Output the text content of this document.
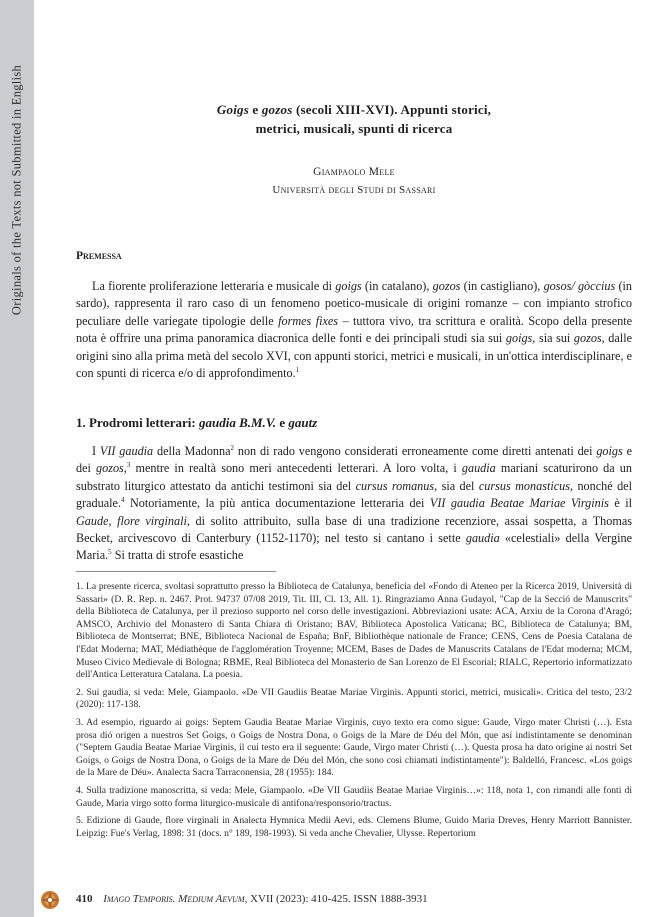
Originals of the Texts not Submitted in English	Goigs e gozos (secoli XIII-XVI). Appunti storici,
metrici, musicali, spunti di ricerca
Giampaolo Mele
Università degli Studi di Sassari
Premessa
La fiorente proliferazione letteraria e musicale di goigs (in catalano), gozos (in castigliano), gosos/ gòccius (in sardo), rappresenta il raro caso di un fenomeno poetico-musicale di origini romanze – con impianto strofico peculiare delle variegate tipologie delle formes fixes – tuttora vivo, tra scrittura e oralità. Scopo della presente nota è offrire una prima panoramica diacronica delle fonti e dei principali studi sia sui goigs, sia sui gozos, dalle origini sino alla prima metà del secolo XVI, con appunti storici, metrici e musicali, in un'ottica interdisciplinare, e con spunti di ricerca e/o di approfondimento.$^1$
1. Prodromi letterari: gaudia B.M.V. e gautz
I VII gaudia della Madonna$^2$ non di rado vengono considerati erroneamente come diretti antenati dei goigs e dei gozos,$^3$ mentre in realtà sono meri antecedenti letterari. A loro volta, i gaudia mariani scaturirono da un substrato liturgico attestato da antichi testimoni sia del cursus romanus, sia del cursus monasticus, nonché del graduale.$^4$ Notoriamente, la più antica documentazione letteraria dei VII gaudia Beatae Mariae Virginis è il Gaude, flore virginali, di solito attribuito, sulla base di una tradizione recenziore, assai sospetta, a Thomas Becket, arcivescovo di Canterbury (1152-1170); nel testo si cantano i sette gaudia «celestiali» della Vergine Maria.$^5$ Si tratta di strofe esastiche

1. La presente ricerca, svoltasi soprattutto presso la Biblioteca de Catalunya, beneficia del «Fondo di Ateneo per la Ricerca 2019, Università di Sassari» (D. R. Rep. n. 2467. Prot. 94737 07/08 2019, Tit. III, Cl. 13, All. 1). Ringraziamo Anna Gudayol, "Cap de la Secció de Manuscrits" della Biblioteca de Catalunya, per il prezioso supporto nel corso delle investigazioni. Abbreviazioni usate: ACA, Arxiu de la Corona d'Aragó; AMSCO, Archivio del Monastero di Santa Chiara di Oristano; BAV, Biblioteca Apostolica Vaticana; BC, Biblioteca de Catalunya; BM, Biblioteca de Montserrat; BNE, Biblioteca Nacional de España; BnF, Bibliothèque nationale de France; CENS, Cens de Poesia Catalana de l'Edat Moderna; MAT, Médiathèque de l'agglomération Troyenne; MCEM, Bases de Dades de Manuscrits Catalans de l'Edat moderna; MCM, Museo Civico Medievale di Bologna; RBME, Real Biblioteca del Monasterio de San Lorenzo de El Escorial; RIALC, Repertorio informatizzato dell'Antica Letteratura Catalana. La poesia.

2. Sui gaudia, si veda: Mele, Giampaolo. «De VII Gaudiis Beatae Mariae Virginis. Appunti storici, metrici, musicali». Critica del testo, 23/2 (2020): 117-138.

3. Ad esempio, riguardo ai goigs: Septem Gaudia Beatae Mariae Virginis, cuyo texto era como sigue: Gaude, Virgo mater Christi (…). Esta prosa dió origen a nuestros Set Goigs, o Goigs de Nostra Dona, o Goigs de la Mare de Déu del Món, que así indistintamente se denominan ("Septem Gaudia Beatae Mariae Virginis, il cui testo era il seguente: Gaude, Virgo mater Christi (…). Questa prosa ha dato origine ai nostri Set Goigs, o Goigs de Nostra Dona, o Goigs de la Mare de Déu del Món, che sono così chiamati indistintamente"): Baldelló, Francesc. «Los goigs de la Mare de Déu». Analecta Sacra Tarraconensia, 28 (1955): 184.

4. Sulla tradizione manoscritta, si veda: Mele, Giampaolo. «De VII Gaudiis Beatae Mariae Virginis…»: 118, nota 1, con rimandi alle fonti di Gaude, Maria virgo sotto forma liturgico-musicale di antifona/responsorio/tractus.

5. Edizione di Gaude, flore virginali in Analecta Hymnica Medii Aevi, eds. Clemens Blume, Guido Maria Dreves, Henry Marriott Bannister. Leipzig: Fue's Verlag, 1898: 31 (docs. n° 189, 198-1993). Si veda anche Chevalier, Ulysse. Repertorium

410 Imago Temporis. Medium Aevum, XVII (2023): 410-425. ISSN 1888-3931
